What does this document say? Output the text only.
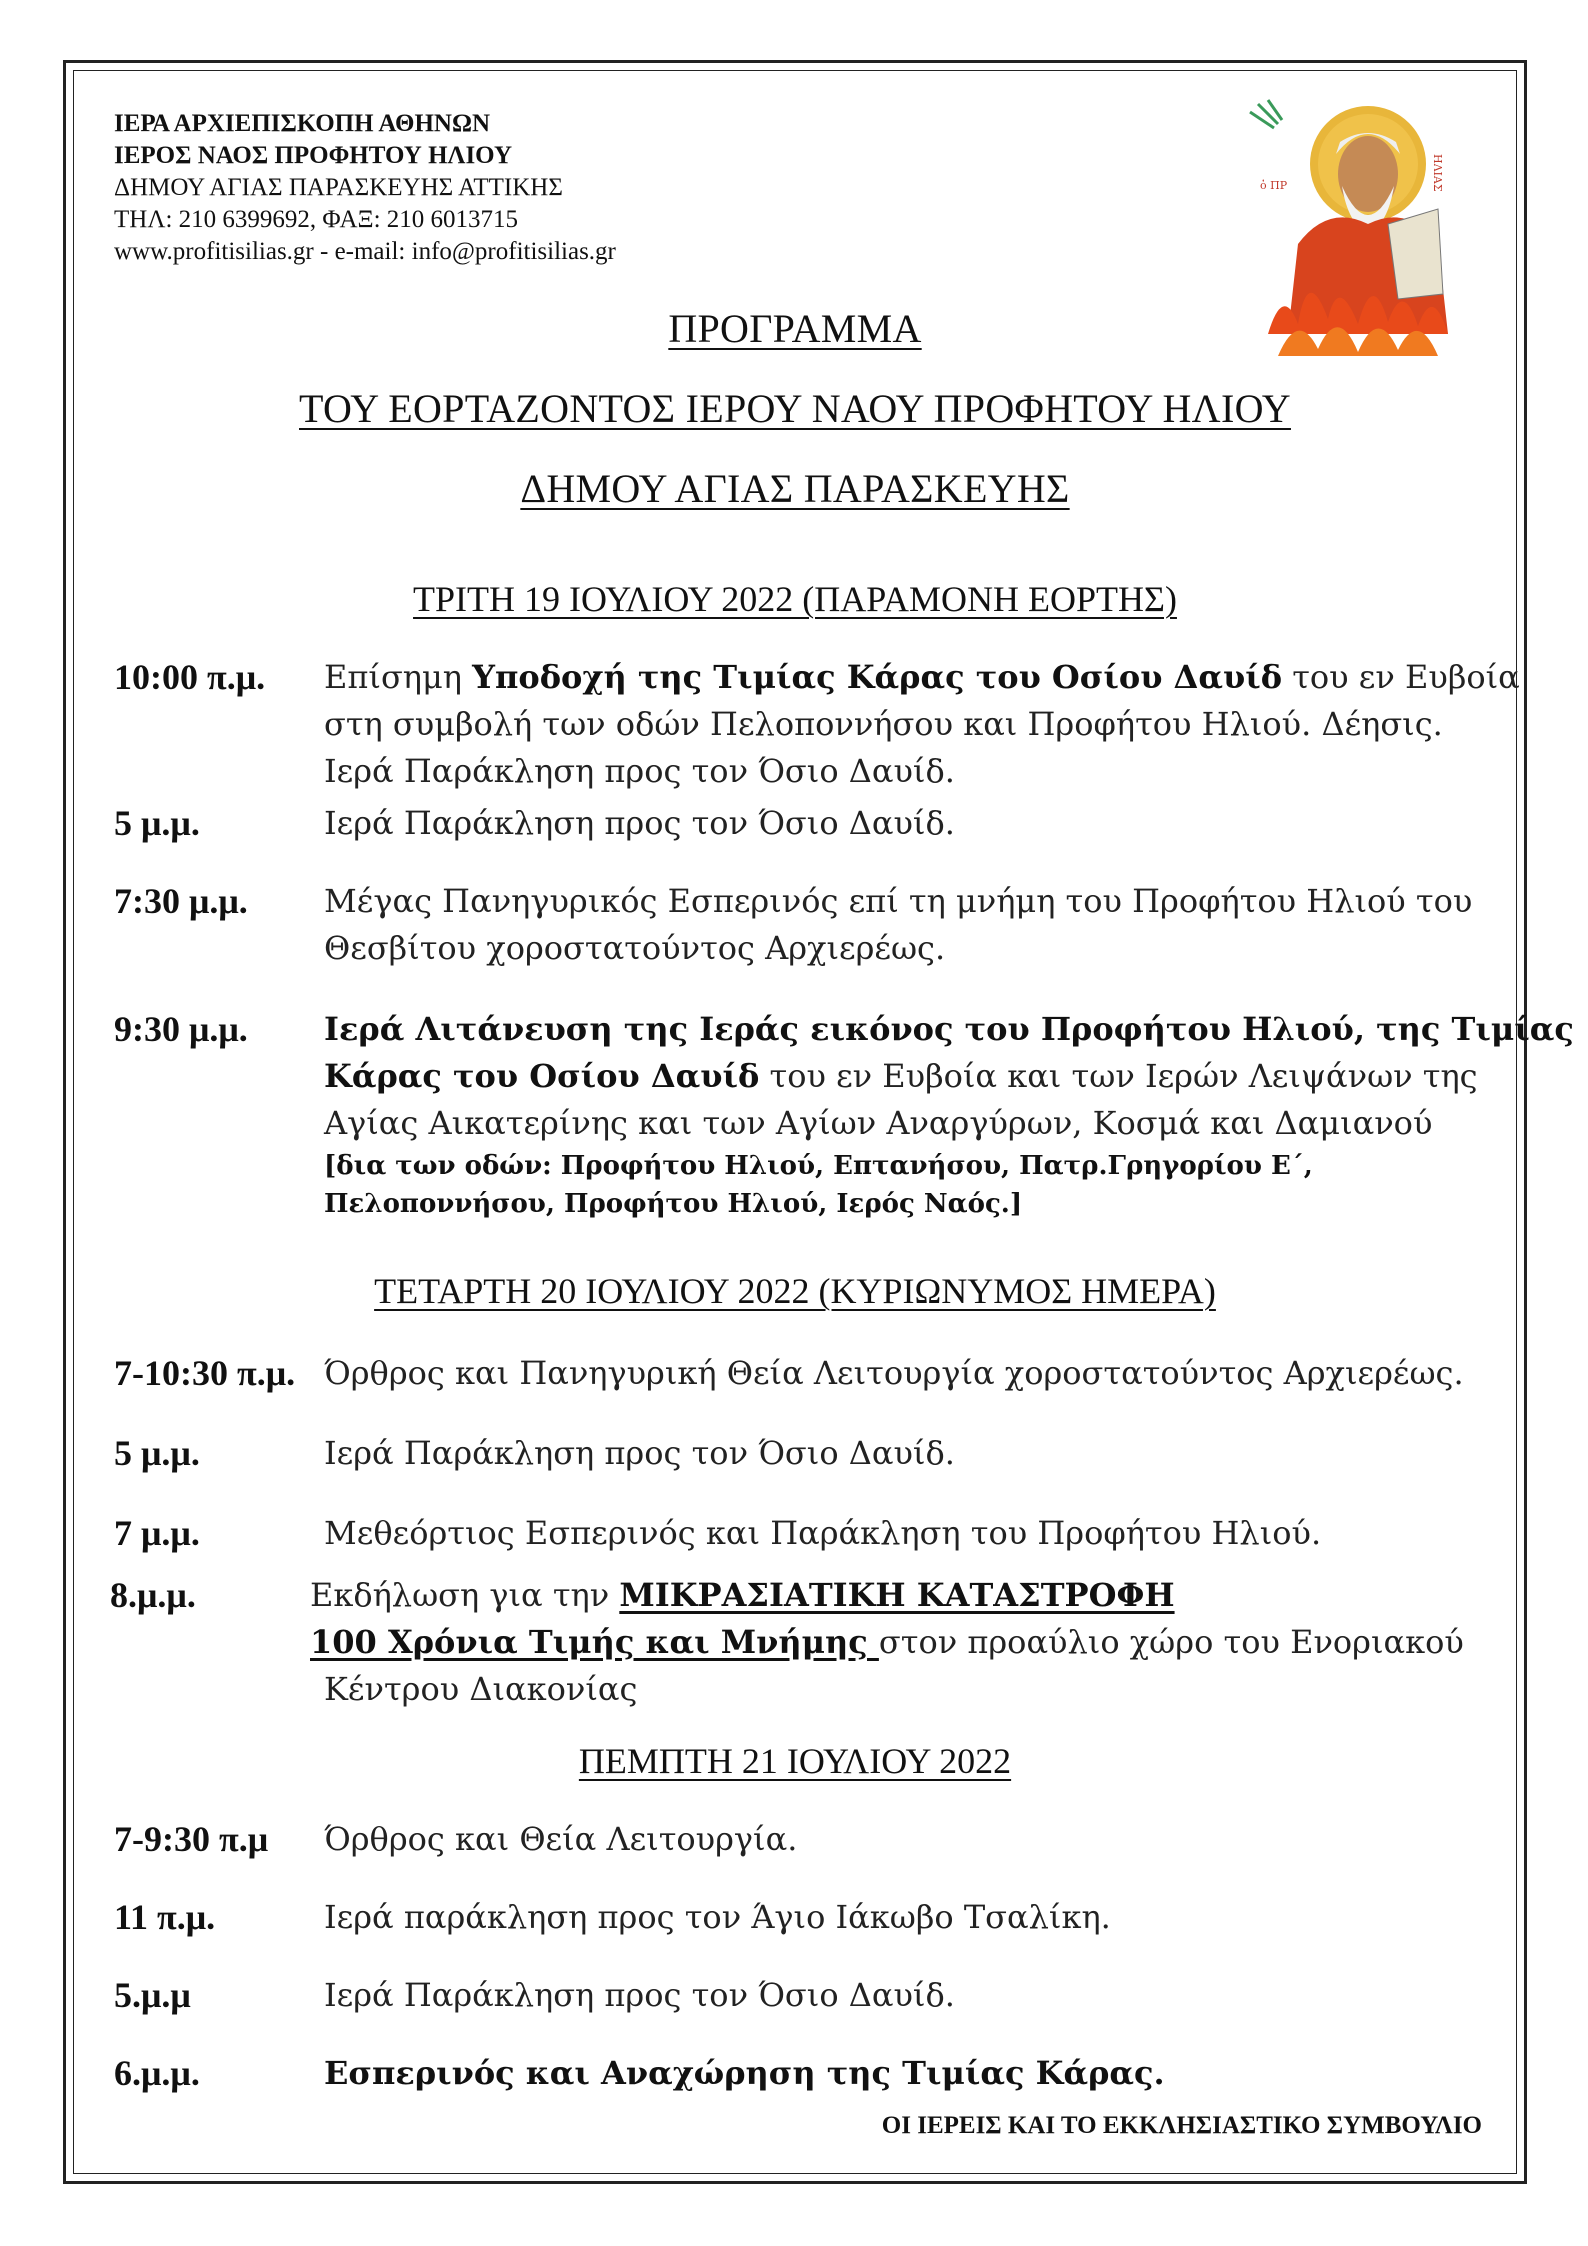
ΙΕΡΑ ΑΡΧΙΕΠΙΣΚΟΠΗ ΑΘΗΝΩΝ
ΙΕΡΟΣ ΝΑΟΣ ΠΡΟΦΗΤΟΥ ΗΛΙΟΥ
ΔΗΜΟΥ ΑΓΙΑΣ ΠΑΡΑΣΚΕΥΗΣ ΑΤΤΙΚΗΣ
ΤΗΛ: 210 6399692, ΦΑΞ: 210 6013715
www.profitisilias.gr - e-mail: info@profitisilias.gr
ὁ ΠΡ	ΗΛΙΑΣ
ΠΡΟΓΡΑΜΜΑ
ΤΟΥ ΕΟΡΤΑΖΟΝΤΟΣ ΙΕΡΟΥ ΝΑΟΥ ΠΡΟΦΗΤΟΥ ΗΛΙΟΥ
ΔΗΜΟΥ ΑΓΙΑΣ ΠΑΡΑΣΚΕΥΗΣ
ΤΡΙΤΗ 19 ΙΟΥΛΙΟΥ 2022 (ΠΑΡΑΜΟΝΗ ΕΟΡΤΗΣ)
10:00 π.μ. Επίσημη Υποδοχή της Τιμίας Κάρας του Οσίου Δαυίδ του εν Ευβοία
στη συμβολή των οδών Πελοποννήσου και Προφήτου Ηλιού. Δέησις.
Ιερά Παράκληση προς τον Όσιο Δαυίδ.
5 μ.μ.	Ιερά Παράκληση προς τον Όσιο Δαυίδ.
7:30 μ.μ. Μέγας Πανηγυρικός Εσπερινός επί τη μνήμη του Προφήτου Ηλιού του
Θεσβίτου χοροστατούντος Αρχιερέως.
9:30 μ.μ. Ιερά Λιτάνευση της Ιεράς εικόνος του Προφήτου Ηλιού, της Τιμίας
Κάρας του Οσίου Δαυίδ του εν Ευβοία και των Ιερών Λειψάνων της
Αγίας Αικατερίνης και των Αγίων Αναργύρων, Κοσμά και Δαμιανού
[δια των οδών: Προφήτου Ηλιού, Επτανήσου, Πατρ.Γρηγορίου Ε΄,
Πελοποννήσου, Προφήτου Ηλιού, Ιερός Ναός.]
ΤΕΤΑΡΤΗ 20 ΙΟΥΛΙΟΥ 2022 (ΚΥΡΙΩΝΥΜΟΣ ΗΜΕΡΑ)
7-10:30 π.μ. Όρθρος και Πανηγυρική Θεία Λειτουργία χοροστατούντος Αρχιερέως.
5 μ.μ.	Ιερά Παράκληση προς τον Όσιο Δαυίδ.
7 μ.μ.	Μεθεόρτιος Εσπερινός και Παράκληση του Προφήτου Ηλιού.
8.μ.μ.	Εκδήλωση για την ΜΙΚΡΑΣΙΑΤΙΚΗ ΚΑΤΑΣΤΡΟΦΗ
100 Χρόνια Τιμής και Μνήμης στον προαύλιο χώρο του Ενοριακού
Κέντρου Διακονίας
ΠΕΜΠΤΗ 21 ΙΟΥΛΙΟΥ 2022
7-9:30 π.μ Όρθρος και Θεία Λειτουργία.
11 π.μ.	Ιερά παράκληση προς τον Άγιο Ιάκωβο Τσαλίκη.
5.μ.μ	Ιερά Παράκληση προς τον Όσιο Δαυίδ.
6.μ.μ.	Εσπερινός και Αναχώρηση της Τιμίας Κάρας.
ΟΙ ΙΕΡΕΙΣ ΚΑΙ ΤΟ ΕΚΚΛΗΣΙΑΣΤΙΚΟ ΣΥΜΒΟΥΛΙΟ
